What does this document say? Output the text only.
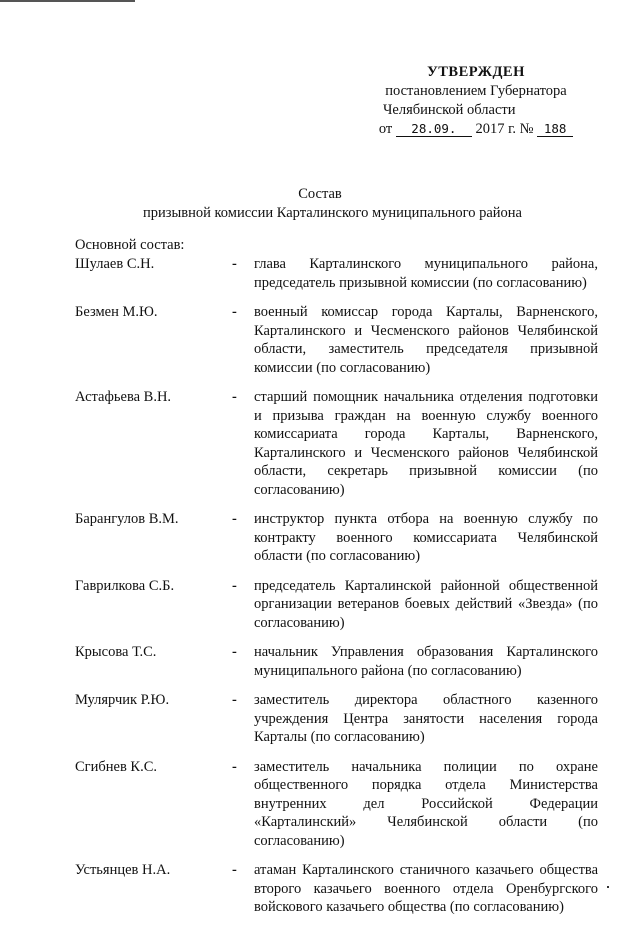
УТВЕРЖДЕН
постановлением Губернатора
Челябинской области
от 28.09. 2017 г. № 188
Состав
призывной комиссии Карталинского муниципального района
Основной состав:
Шулаев С.Н.	-	глава Карталинского муниципального района, председатель призывной комиссии (по согласованию)
Безмен М.Ю.	-	военный комиссар города Карталы, Варненского, Карталинского и Чесменского районов Челябинской области, заместитель председателя призывной комиссии (по согласованию)
Астафьева В.Н.	-	старший помощник начальника отделения подготовки и призыва граждан на военную службу военного комиссариата города Карталы, Варненского, Карталинского и Чесменского районов Челябинской области, секретарь призывной комиссии (по согласованию)
Барангулов В.М.	-	инструктор пункта отбора на военную службу по контракту военного комиссариата Челябинской области (по согласованию)
Гаврилкова С.Б.	-	председатель Карталинской районной общественной организации ветеранов боевых действий «Звезда» (по согласованию)
Крысова Т.С.	-	начальник Управления образования Карталинского муниципального района (по согласованию)
Мулярчик Р.Ю.	-	заместитель директора областного казенного учреждения Центра занятости населения города Карталы (по согласованию)
Сгибнев К.С.	-	заместитель начальника полиции по охране общественного порядка отдела Министерства внутренних дел Российской Федерации «Карталинский» Челябинской области (по согласованию)
Устьянцев Н.А.	-	атаман Карталинского станичного казачьего общества второго казачьего военного отдела Оренбургского войскового казачьего общества (по согласованию)
